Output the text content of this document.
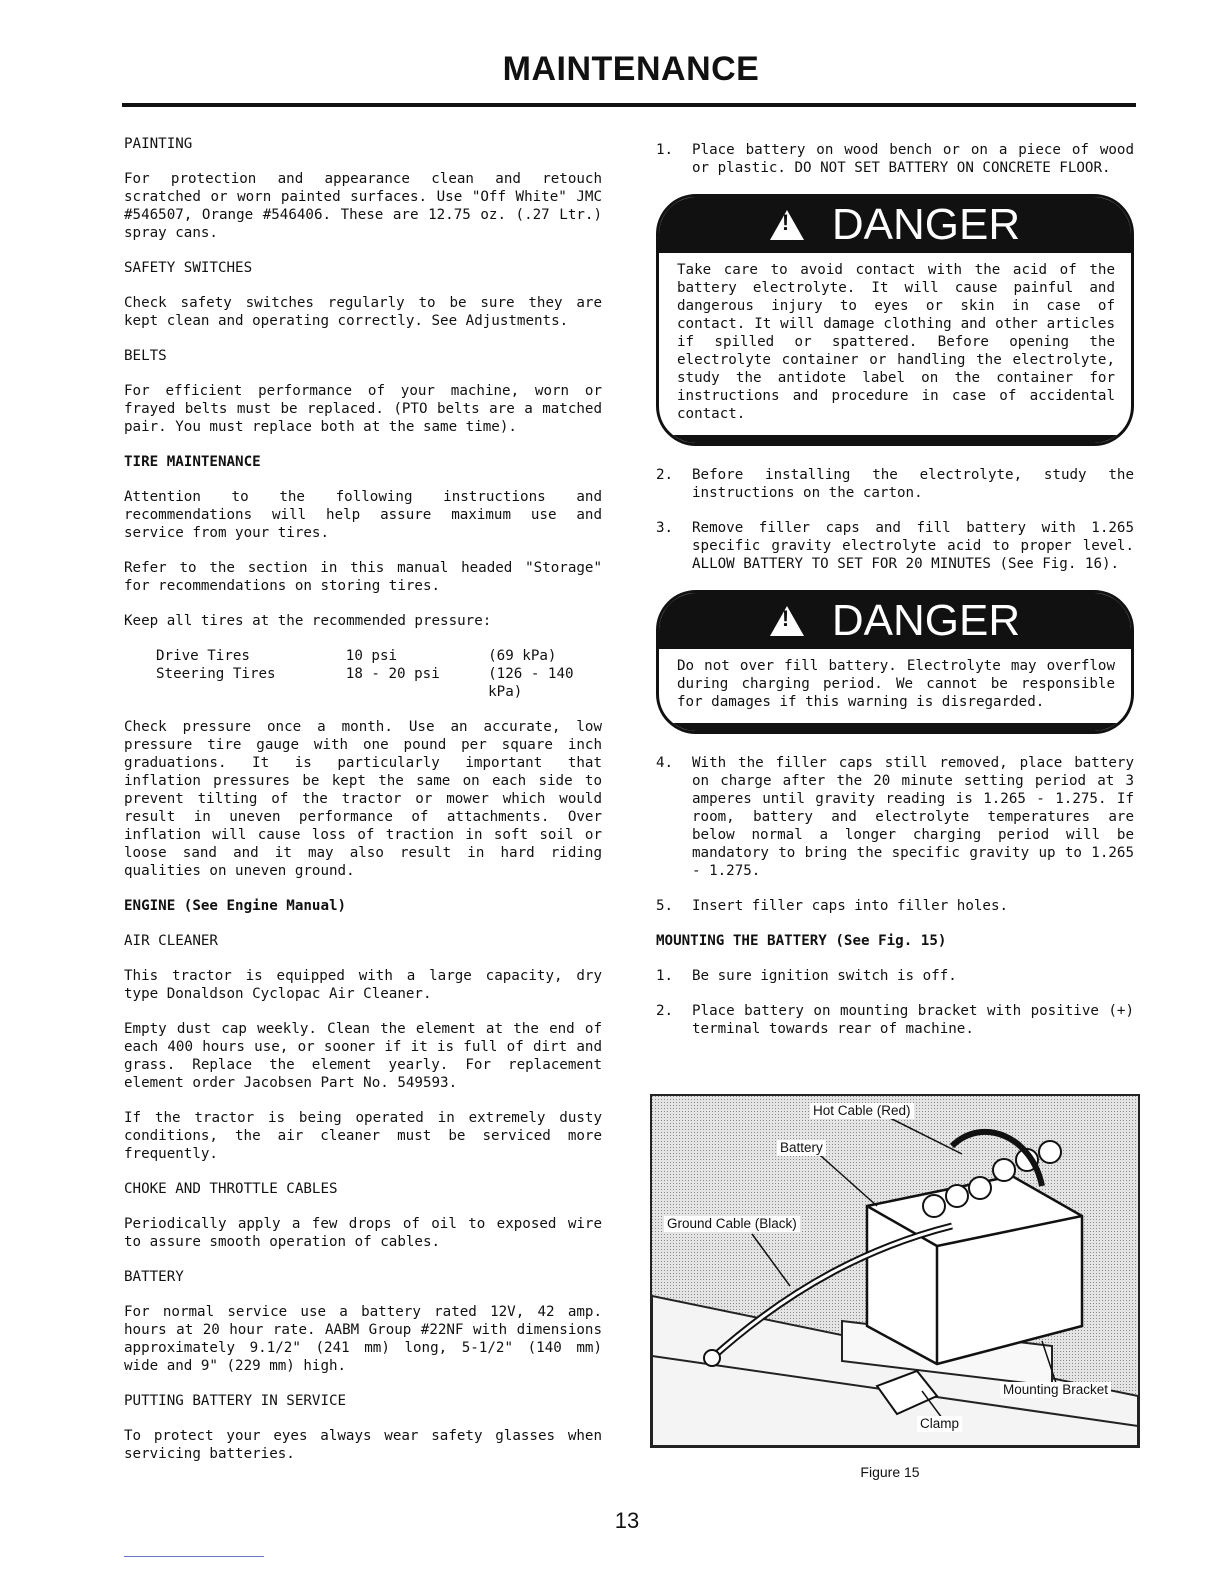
MAINTENANCE

PAINTING

For protection and appearance clean and retouch scratched or worn painted surfaces. Use "Off White" JMC #546507, Orange #546406. These are 12.75 oz. (.27 Ltr.) spray cans.

SAFETY SWITCHES

Check safety switches regularly to be sure they are kept clean and operating correctly. See Adjustments.

BELTS

For efficient performance of your machine, worn or frayed belts must be replaced. (PTO belts are a matched pair. You must replace both at the same time).

TIRE MAINTENANCE

Attention to the following instructions and recommendations will help assure maximum use and service from your tires.

Refer to the section in this manual headed "Storage" for recommendations on storing tires.

Keep all tires at the recommended pressure:

Drive Tires	10 psi	(69 kPa)
Steering Tires	18 - 20 psi	(126 - 140 kPa)

Check pressure once a month. Use an accurate, low pressure tire gauge with one pound per square inch graduations. It is particularly important that inflation pressures be kept the same on each side to prevent tilting of the tractor or mower which would result in uneven performance of attachments. Over inflation will cause loss of traction in soft soil or loose sand and it may also result in hard riding qualities on uneven ground.

ENGINE (See Engine Manual)

AIR CLEANER

This tractor is equipped with a large capacity, dry type Donaldson Cyclopac Air Cleaner.

Empty dust cap weekly. Clean the element at the end of each 400 hours use, or sooner if it is full of dirt and grass. Replace the element yearly. For replacement element order Jacobsen Part No. 549593.

If the tractor is being operated in extremely dusty conditions, the air cleaner must be serviced more frequently.

CHOKE AND THROTTLE CABLES

Periodically apply a few drops of oil to exposed wire to assure smooth operation of cables.

BATTERY

For normal service use a battery rated 12V, 42 amp. hours at 20 hour rate. AABM Group #22NF with dimensions approximately 9.1/2" (241 mm) long, 5-1/2" (140 mm) wide and 9" (229 mm) high.

PUTTING BATTERY IN SERVICE

To protect your eyes always wear safety glasses when servicing batteries.

1.	Place battery on wood bench or on a piece of wood or plastic. DO NOT SET BATTERY ON CONCRETE FLOOR.
!
DANGER
Take care to avoid contact with the acid of the battery electrolyte. It will cause painful and dangerous injury to eyes or skin in case of contact. It will damage clothing and other articles if spilled or spattered. Before opening the electrolyte container or handling the electrolyte, study the antidote label on the container for instructions and procedure in case of accidental contact.
2.	Before installing the electrolyte, study the instructions on the carton.
3.	Remove filler caps and fill battery with 1.265 specific gravity electrolyte acid to proper level. ALLOW BATTERY TO SET FOR 20 MINUTES (See Fig. 16).
!
DANGER
Do not over fill battery. Electrolyte may overflow during charging period. We cannot be responsible for damages if this warning is disregarded.
4.	With the filler caps still removed, place battery on charge after the 20 minute setting period at 3 amperes until gravity reading is 1.265 - 1.275. If room, battery and electrolyte temperatures are below normal a longer charging period will be mandatory to bring the specific gravity up to 1.265 - 1.275.
5.	Insert filler caps into filler holes.

MOUNTING THE BATTERY (See Fig. 15)

1.	Be sure ignition switch is off.
2.	Place battery on mounting bracket with positive (+) terminal towards rear of machine.
Hot Cable (Red)
Battery
Ground Cable (Black)
Mounting Bracket
Clamp
Figure 15
13
